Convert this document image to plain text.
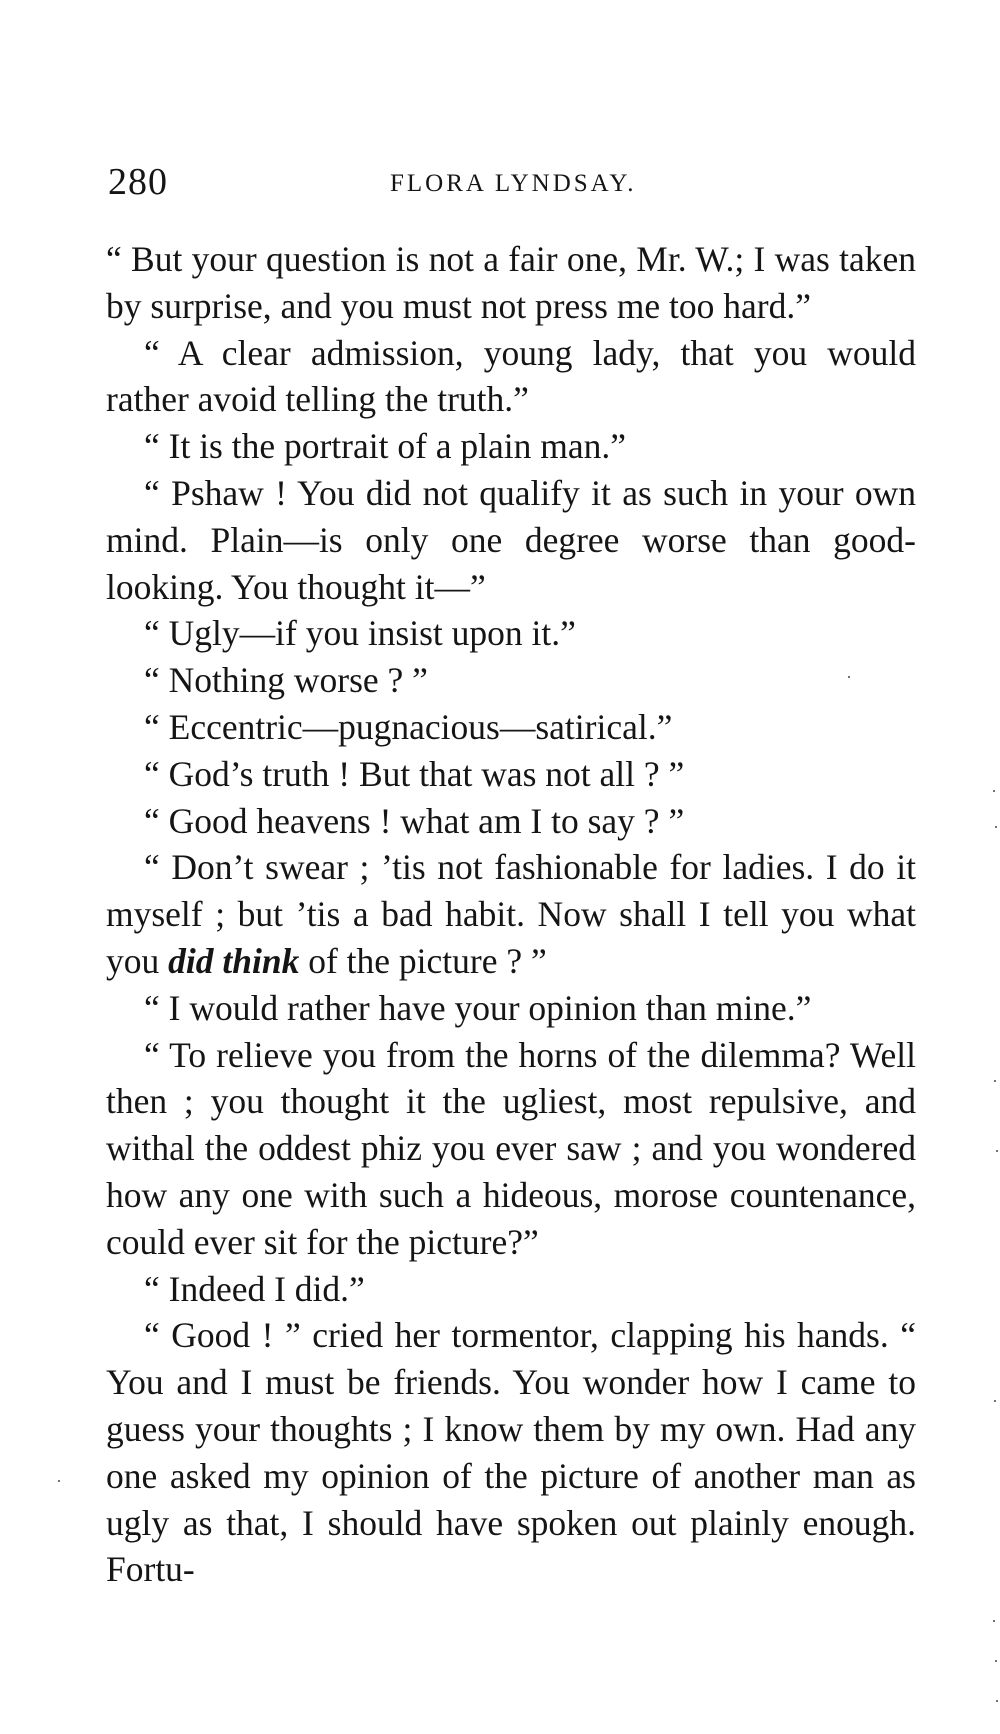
280	FLORA LYNDSAY.

“ But your question is not a fair one, Mr. W.; I was taken by surprise, and you must not press me too hard.”

“ A clear admission, young lady, that you would rather avoid telling the truth.”

“ It is the portrait of a plain man.”

“ Pshaw ! You did not qualify it as such in your own mind. Plain—is only one degree worse than good-looking. You thought it—”

“ Ugly—if you insist upon it.”

“ Nothing worse ? ”

“ Eccentric—pugnacious—satirical.”

“ God’s truth ! But that was not all ? ”

“ Good heavens ! what am I to say ? ”

“ Don’t swear ; ’tis not fashionable for ladies. I do it myself ; but ’tis a bad habit. Now shall I tell you what you did think of the picture ? ”

“ I would rather have your opinion than mine.”

“ To relieve you from the horns of the dilemma? Well then ; you thought it the ugliest, most repulsive, and withal the oddest phiz you ever saw ; and you wondered how any one with such a hideous, morose countenance, could ever sit for the picture?”

“ Indeed I did.”

“ Good ! ” cried her tormentor, clapping his hands. “ You and I must be friends. You wonder how I came to guess your thoughts ; I know them by my own. Had any one asked my opinion of the picture of another man as ugly as that, I should have spoken out plainly enough. Fortu-
